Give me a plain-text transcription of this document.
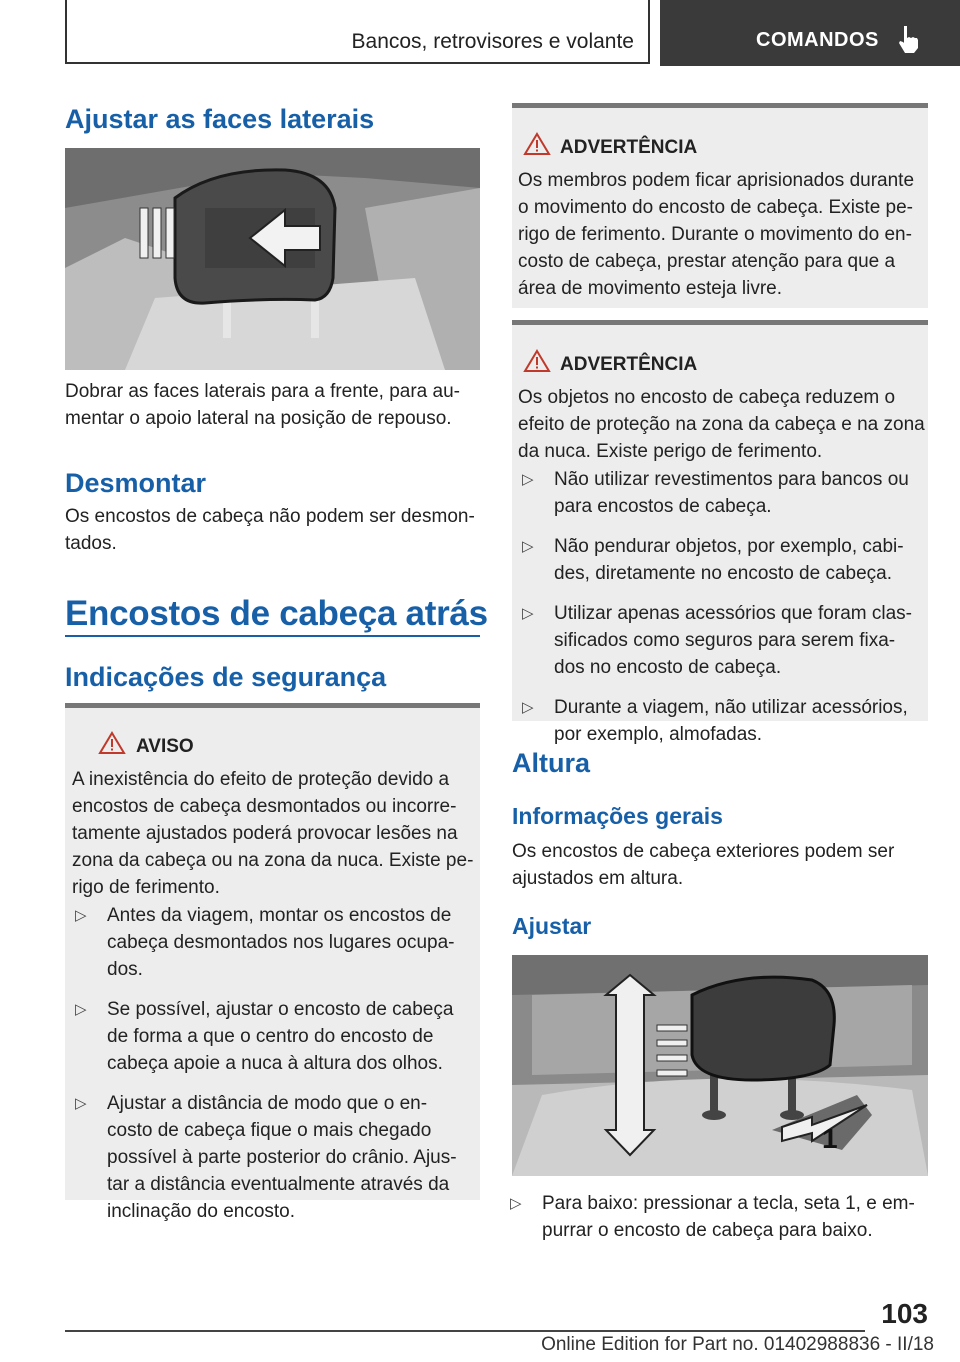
Bancos, retrovisores e volante	COMANDOS
Ajustar as faces laterais
Dobrar as faces laterais para a frente, para au-
mentar o apoio lateral na posição de repouso.
Desmontar
Os encostos de cabeça não podem ser desmon-
tados.
Encostos de cabeça atrás
Indicações de segurança
AVISO
A inexistência do efeito de proteção devido a
encostos de cabeça desmontados ou incorre-
tamente ajustados poderá provocar lesões na
zona da cabeça ou na zona da nuca. Existe pe-
rigo de ferimento.
▷ Antes da viagem, montar os encostos de
cabeça desmontados nos lugares ocupa-
dos.
▷ Se possível, ajustar o encosto de cabeça
de forma a que o centro do encosto de
cabeça apoie a nuca à altura dos olhos.
▷ Ajustar a distância de modo que o en-
costo de cabeça fique o mais chegado
possível à parte posterior do crânio. Ajus-
tar a distância eventualmente através da
inclinação do encosto.
ADVERTÊNCIA
Os membros podem ficar aprisionados durante
o movimento do encosto de cabeça. Existe pe-
rigo de ferimento. Durante o movimento do en-
costo de cabeça, prestar atenção para que a
área de movimento esteja livre.
ADVERTÊNCIA
Os objetos no encosto de cabeça reduzem o
efeito de proteção na zona da cabeça e na zona
da nuca. Existe perigo de ferimento.
▷ Não utilizar revestimentos para bancos ou
para encostos de cabeça.
▷ Não pendurar objetos, por exemplo, cabi-
des, diretamente no encosto de cabeça.
▷ Utilizar apenas acessórios que foram clas-
sificados como seguros para serem fixa-
dos no encosto de cabeça.
▷ Durante a viagem, não utilizar acessórios,
por exemplo, almofadas.
Altura
Informações gerais
Os encostos de cabeça exteriores podem ser
ajustados em altura.
Ajustar
1
▷ Para baixo: pressionar a tecla, seta 1, e em-
purrar o encosto de cabeça para baixo.
103
Online Edition for Part no. 01402988836 - II/18
